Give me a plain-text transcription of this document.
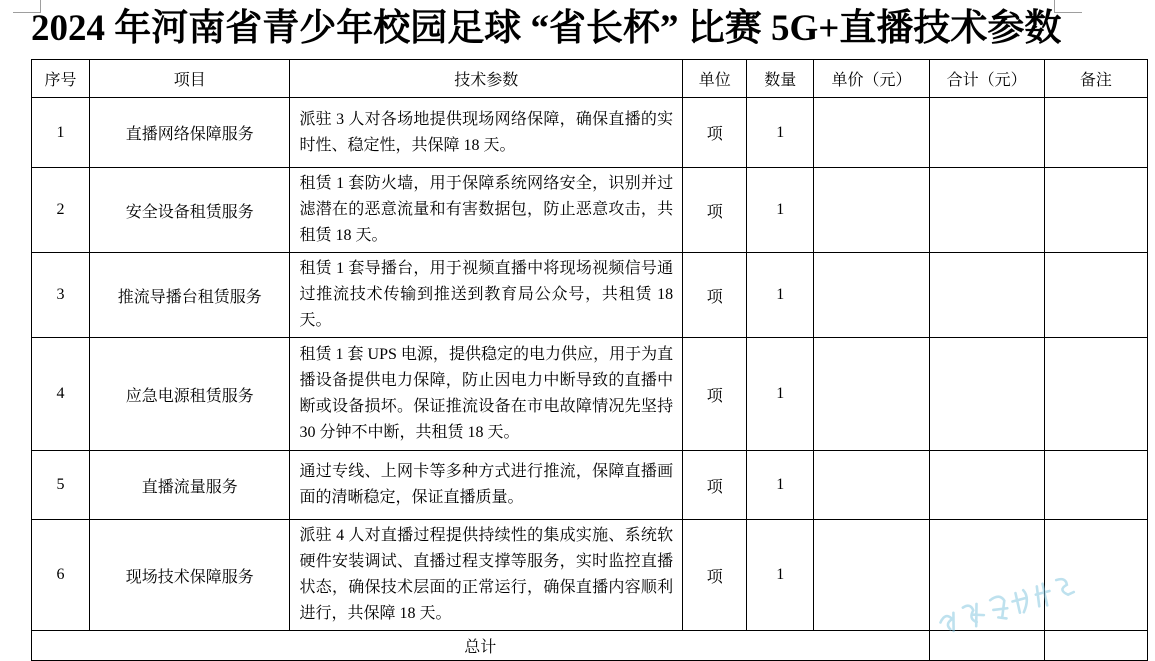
2024 年河南省青少年校园足球 “省长杯” 比赛 5G+直播技术参数
序号	项目	技术参数	单位	数量	单价（元）	合计（元）	备注
1	直播网络保障服务	派驻 3 人对各场地提供现场网络保障，确保直播的实时性、稳定性，共保障 18 天。	项	1			
2	安全设备租赁服务	租赁 1 套防火墙，用于保障系统网络安全，识别并过滤潜在的恶意流量和有害数据包，防止恶意攻击，共租赁 18 天。	项	1			
3	推流导播台租赁服务	租赁 1 套导播台，用于视频直播中将现场视频信号通过推流技术传输到推送到教育局公众号，共租赁 18 天。	项	1			
4	应急电源租赁服务	租赁 1 套 UPS 电源，提供稳定的电力供应，用于为直播设备提供电力保障，防止因电力中断导致的直播中断或设备损坏。保证推流设备在市电故障情况先坚持 30 分钟不中断，共租赁 18 天。	项	1			
5	直播流量服务	通过专线、上网卡等多种方式进行推流，保障直播画面的清晰稳定，保证直播质量。	项	1			
6	现场技术保障服务	派驻 4 人对直播过程提供持续性的集成实施、系统软硬件安装调试、直播过程支撑等服务，实时监控直播状态，确保技术层面的正常运行，确保直播内容顺利进行，共保障 18 天。	项	1			
总计							
